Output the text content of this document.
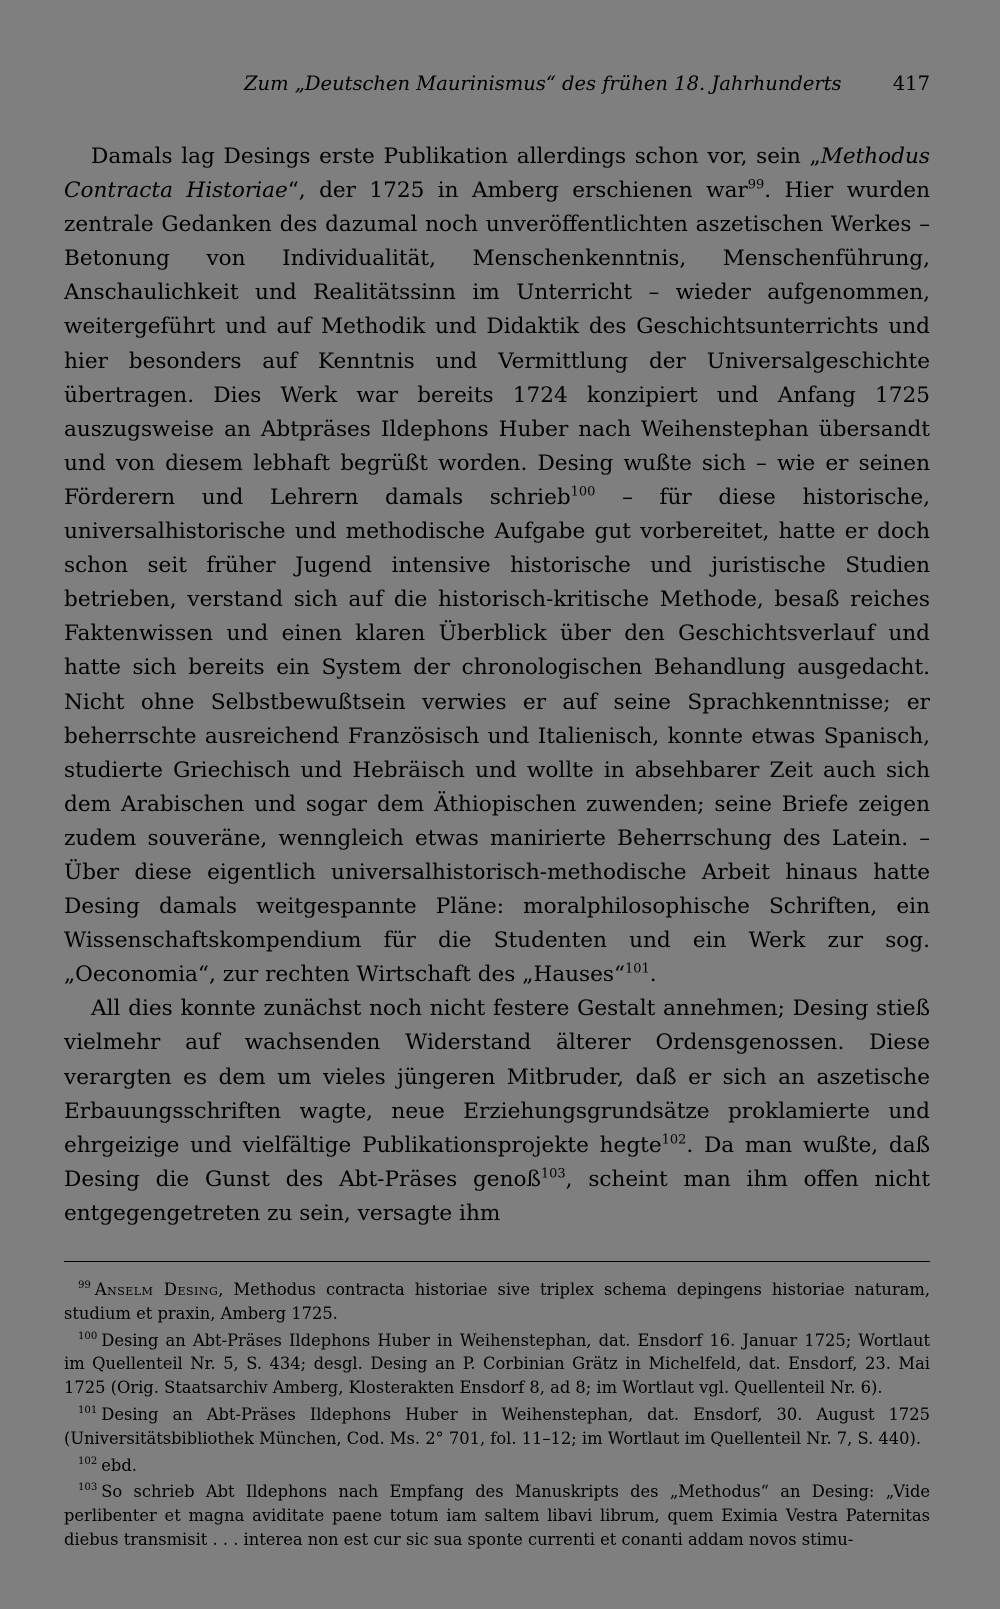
Zum „Deutschen Maurinismus“ des frühen 18. Jahrhunderts	417

Damals lag Desings erste Publikation allerdings schon vor, sein „Methodus Contracta Historiae“, der 1725 in Amberg erschienen war$^{99}$. Hier wurden zentrale Gedanken des dazumal noch unveröffentlichten aszetischen Werkes – Betonung von Individualität, Menschenkenntnis, Menschenführung, Anschaulichkeit und Realitätssinn im Unterricht – wieder aufgenommen, weitergeführt und auf Methodik und Didaktik des Geschichtsunterrichts und hier besonders auf Kenntnis und Vermittlung der Universalgeschichte übertragen. Dies Werk war bereits 1724 konzipiert und Anfang 1725 auszugsweise an Abtpräses Ildephons Huber nach Weihenstephan übersandt und von diesem lebhaft begrüßt worden. Desing wußte sich – wie er seinen Förderern und Lehrern damals schrieb$^{100}$ – für diese historische, universalhistorische und methodische Aufgabe gut vorbereitet, hatte er doch schon seit früher Jugend intensive historische und juristische Studien betrieben, verstand sich auf die historisch-kritische Methode, besaß reiches Faktenwissen und einen klaren Überblick über den Geschichtsverlauf und hatte sich bereits ein System der chronologischen Behandlung ausgedacht. Nicht ohne Selbstbewußtsein verwies er auf seine Sprachkenntnisse; er beherrschte ausreichend Französisch und Italienisch, konnte etwas Spanisch, studierte Griechisch und Hebräisch und wollte in absehbarer Zeit auch sich dem Arabischen und sogar dem Äthiopischen zuwenden; seine Briefe zeigen zudem souveräne, wenngleich etwas manirierte Beherrschung des Latein. – Über diese eigentlich universalhistorisch-methodische Arbeit hinaus hatte Desing damals weitgespannte Pläne: moralphilosophische Schriften, ein Wissenschaftskompendium für die Studenten und ein Werk zur sog. „Oeconomia“, zur rechten Wirtschaft des „Hauses“$^{101}$.

All dies konnte zunächst noch nicht festere Gestalt annehmen; Desing stieß vielmehr auf wachsenden Widerstand älterer Ordensgenossen. Diese verargten es dem um vieles jüngeren Mitbruder, daß er sich an aszetische Erbauungsschriften wagte, neue Erziehungsgrundsätze proklamierte und ehrgeizige und vielfältige Publikationsprojekte hegte$^{102}$. Da man wußte, daß Desing die Gunst des Abt-Präses genoß$^{103}$, scheint man ihm offen nicht entgegengetreten zu sein, versagte ihm

$^{99}$ Anselm Desing, Methodus contracta historiae sive triplex schema depingens historiae naturam, studium et praxin, Amberg 1725.

$^{100}$ Desing an Abt-Präses Ildephons Huber in Weihenstephan, dat. Ensdorf 16. Januar 1725; Wortlaut im Quellenteil Nr. 5, S. 434; desgl. Desing an P. Corbinian Grätz in Michelfeld, dat. Ensdorf, 23. Mai 1725 (Orig. Staatsarchiv Amberg, Klosterakten Ensdorf 8, ad 8; im Wortlaut vgl. Quellenteil Nr. 6).

$^{101}$ Desing an Abt-Präses Ildephons Huber in Weihenstephan, dat. Ensdorf, 30. August 1725 (Universitätsbibliothek München, Cod. Ms. 2° 701, fol. 11–12; im Wortlaut im Quellenteil Nr. 7, S. 440).

$^{102}$ ebd.

$^{103}$ So schrieb Abt Ildephons nach Empfang des Manuskripts des „Methodus“ an Desing: „Vide perlibenter et magna aviditate paene totum iam saltem libavi librum, quem Eximia Vestra Paternitas diebus transmisit . . . interea non est cur sic sua sponte currenti et conanti addam novos stimu-
